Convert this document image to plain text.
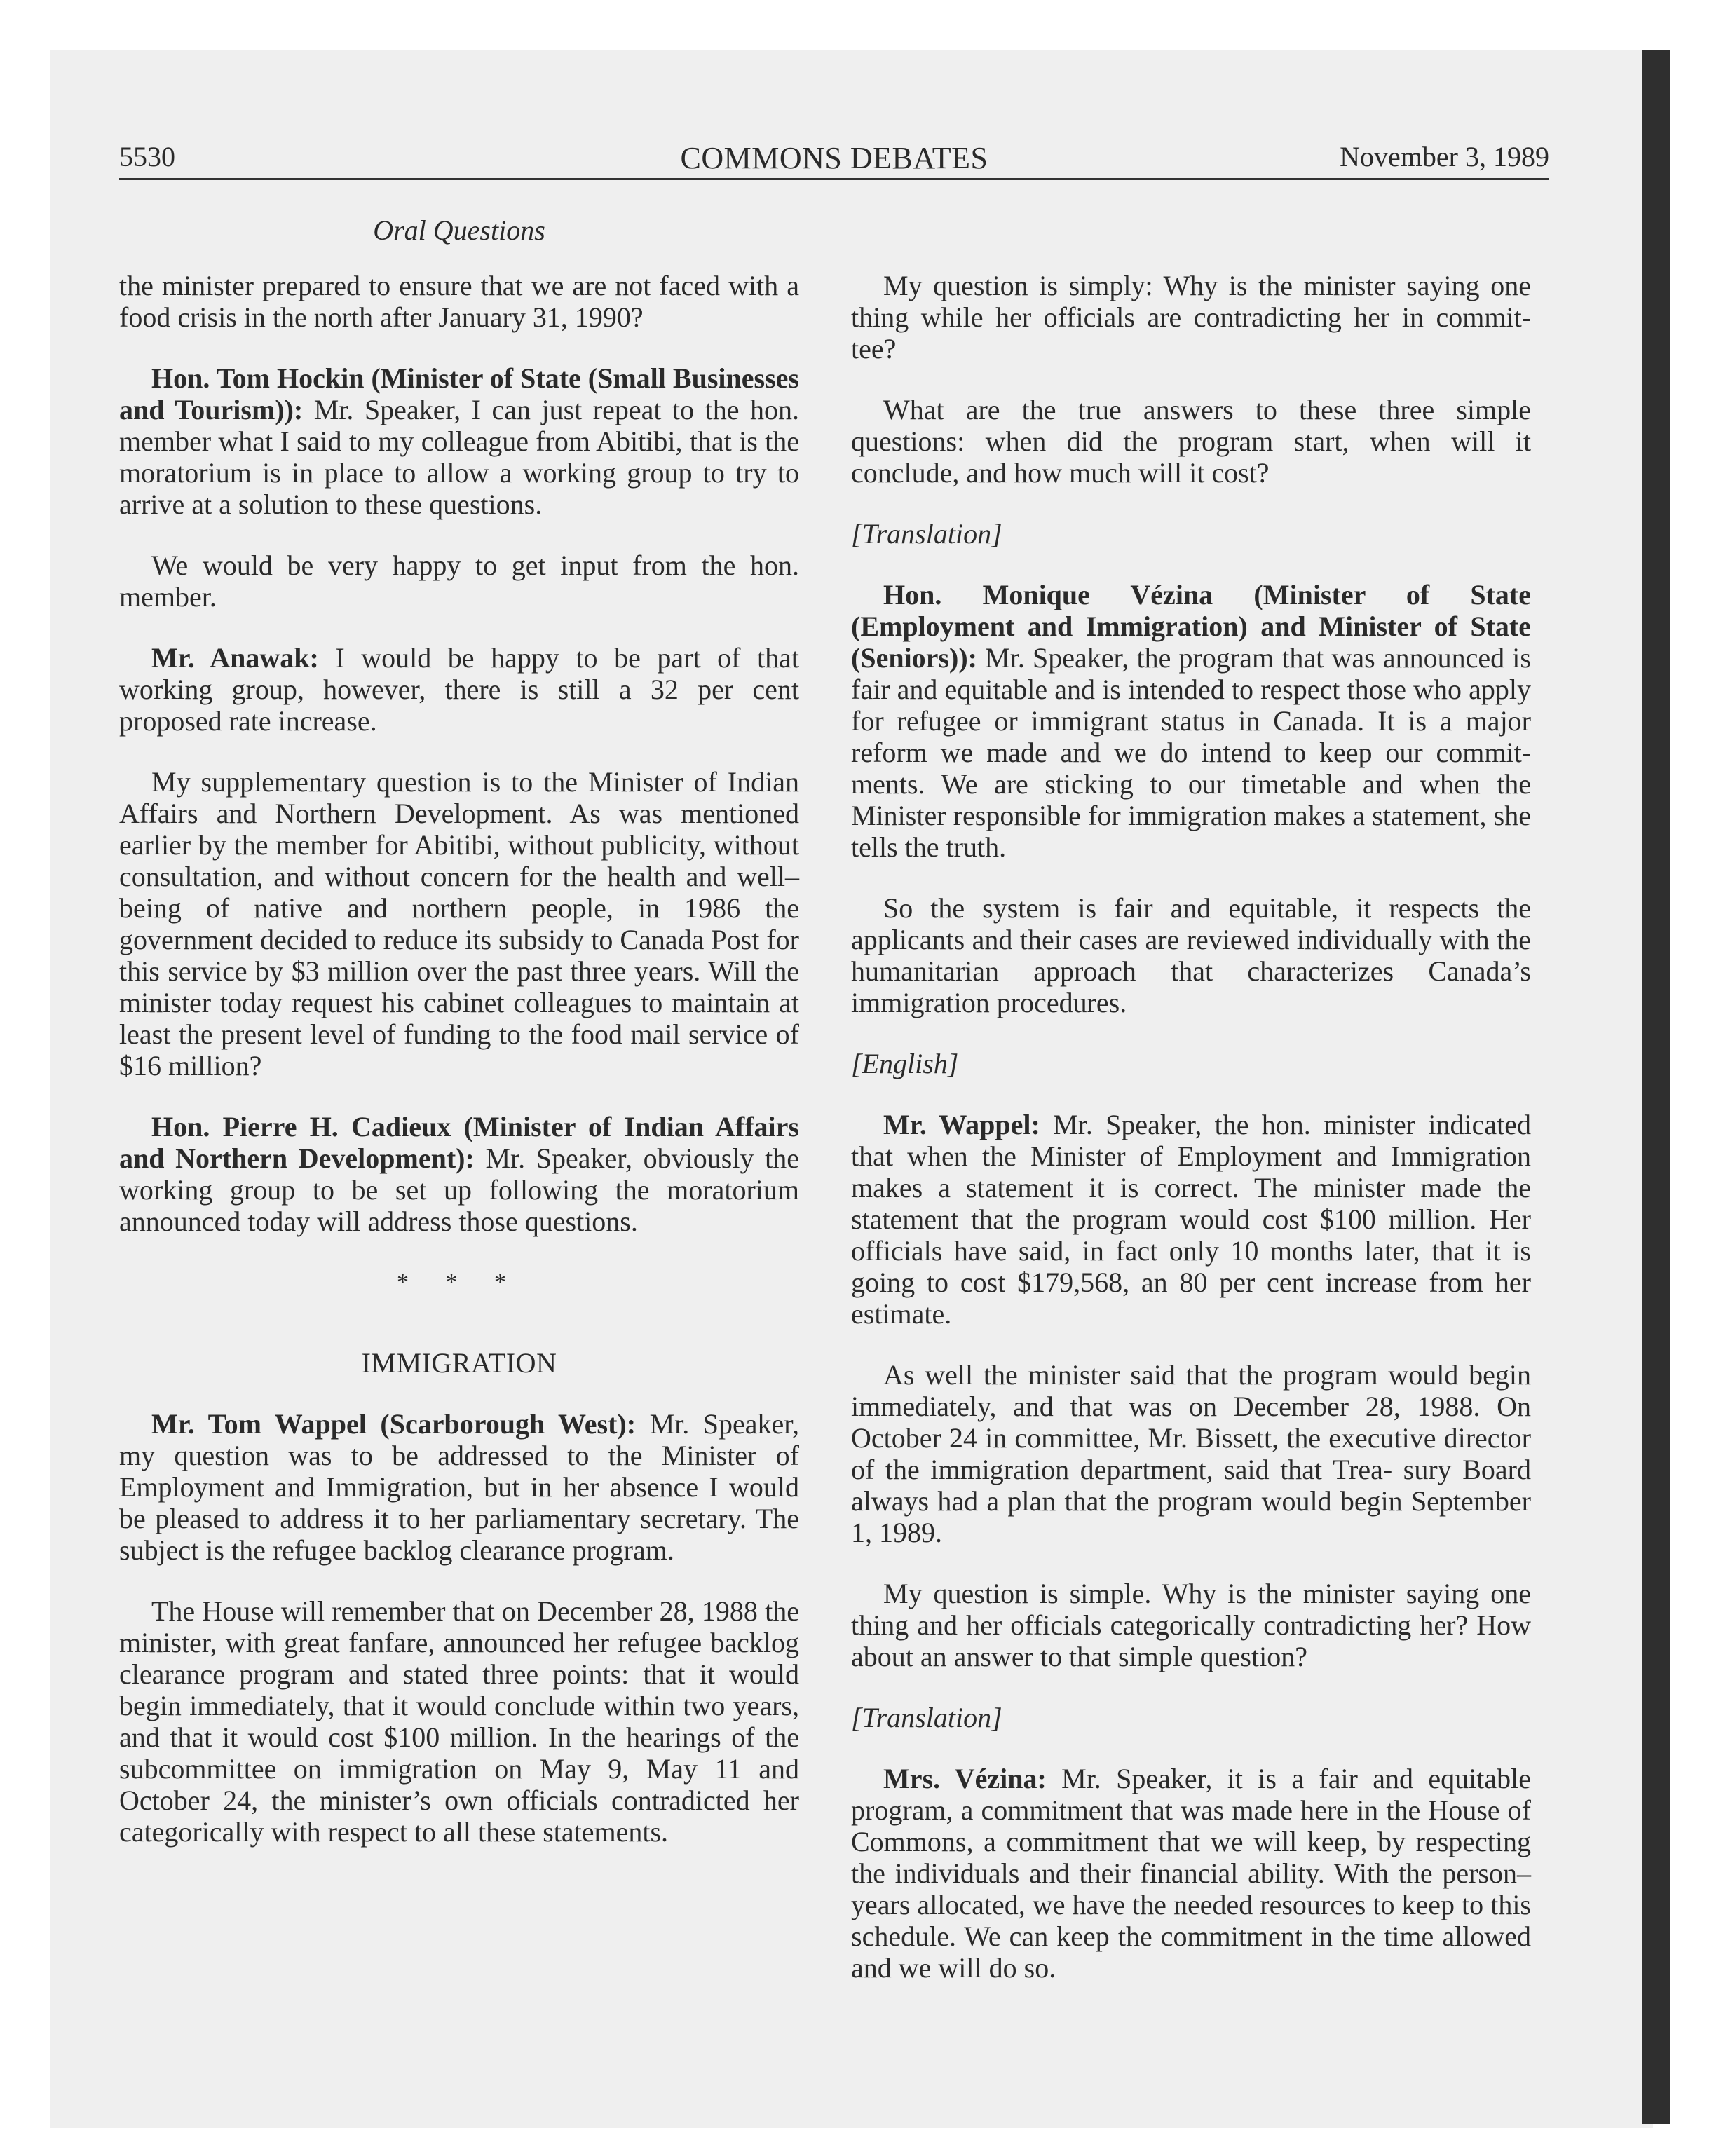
5530	COMMONS DEBATES	November 3, 1989
Oral Questions

the minister prepared to ensure that we are not faced with a food crisis in the north after January 31, 1990?

Hon. Tom Hockin (Minister of State (Small Businesses and Tourism)): Mr. Speaker, I can just repeat to the hon. member what I said to my colleague from Abitibi, that is the moratorium is in place to allow a working group to try to arrive at a solution to these questions.

We would be very happy to get input from the hon. member.

Mr. Anawak: I would be happy to be part of that working group, however, there is still a 32 per cent proposed rate increase.

My supplementary question is to the Minister of Indian Affairs and Northern Development. As was mentioned earlier by the member for Abitibi, without publicity, without consultation, and without concern for the health and well–being of native and northern people, in 1986 the government decided to reduce its subsidy to Canada Post for this service by $3 million over the past three years. Will the minister today request his cabinet colleagues to maintain at least the present level of funding to the food mail service of $16 million?

Hon. Pierre H. Cadieux (Minister of Indian Affairs and Northern Development): Mr. Speaker, obviously the working group to be set up following the moratorium announced today will address those questions.

* * *
IMMIGRATION

Mr. Tom Wappel (Scarborough West): Mr. Speaker, my question was to be addressed to the Minister of Employment and Immigration, but in her absence I would be pleased to address it to her parliamentary secretary. The subject is the refugee backlog clearance program.

The House will remember that on December 28, 1988 the minister, with great fanfare, announced her refugee backlog clearance program and stated three points: that it would begin immediately, that it would conclude within two years, and that it would cost $100 million. In the hearings of the subcommittee on immigration on May 9, May 11 and October 24, the minister’s own officials contradicted her categorically with respect to all these statements.

My question is simply: Why is the minister saying one thing while her officials are contradicting her in commit- tee?

What are the true answers to these three simple questions: when did the program start, when will it conclude, and how much will it cost?

[Translation]

Hon. Monique Vézina (Minister of State (Employment and Immigration) and Minister of State (Seniors)): Mr. Speaker, the program that was announced is fair and equitable and is intended to respect those who apply for refugee or immigrant status in Canada. It is a major reform we made and we do intend to keep our commit- ments. We are sticking to our timetable and when the Minister responsible for immigration makes a statement, she tells the truth.

So the system is fair and equitable, it respects the applicants and their cases are reviewed individually with the humanitarian approach that characterizes Canada’s immigration procedures.

[English]

Mr. Wappel: Mr. Speaker, the hon. minister indicated that when the Minister of Employment and Immigration makes a statement it is correct. The minister made the statement that the program would cost $100 million. Her officials have said, in fact only 10 months later, that it is going to cost $179,568, an 80 per cent increase from her estimate.

As well the minister said that the program would begin immediately, and that was on December 28, 1988. On October 24 in committee, Mr. Bissett, the executive director of the immigration department, said that Trea- sury Board always had a plan that the program would begin September 1, 1989.

My question is simple. Why is the minister saying one thing and her officials categorically contradicting her? How about an answer to that simple question?

[Translation]

Mrs. Vézina: Mr. Speaker, it is a fair and equitable program, a commitment that was made here in the House of Commons, a commitment that we will keep, by respecting the individuals and their financial ability. With the person–years allocated, we have the needed resources to keep to this schedule. We can keep the commitment in the time allowed and we will do so.
